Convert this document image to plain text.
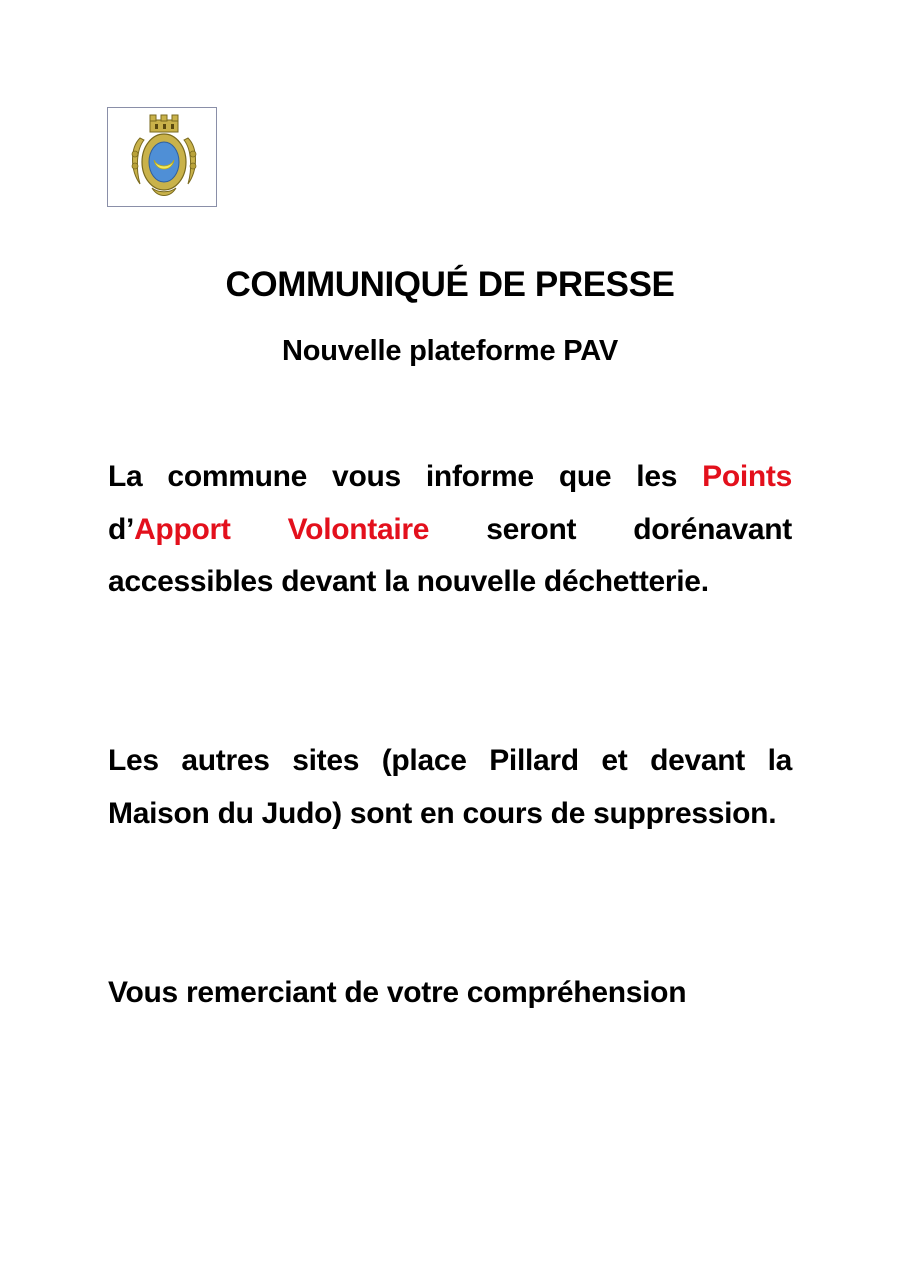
COMMUNIQUÉ DE PRESSE
Nouvelle plateforme PAV
La commune vous informe que les Points d’Apport Volontaire seront dorénavant accessibles devant la nouvelle déchetterie.
Les autres sites (place Pillard et devant la Maison du Judo) sont en cours de suppression.
Vous remerciant de votre compréhension
